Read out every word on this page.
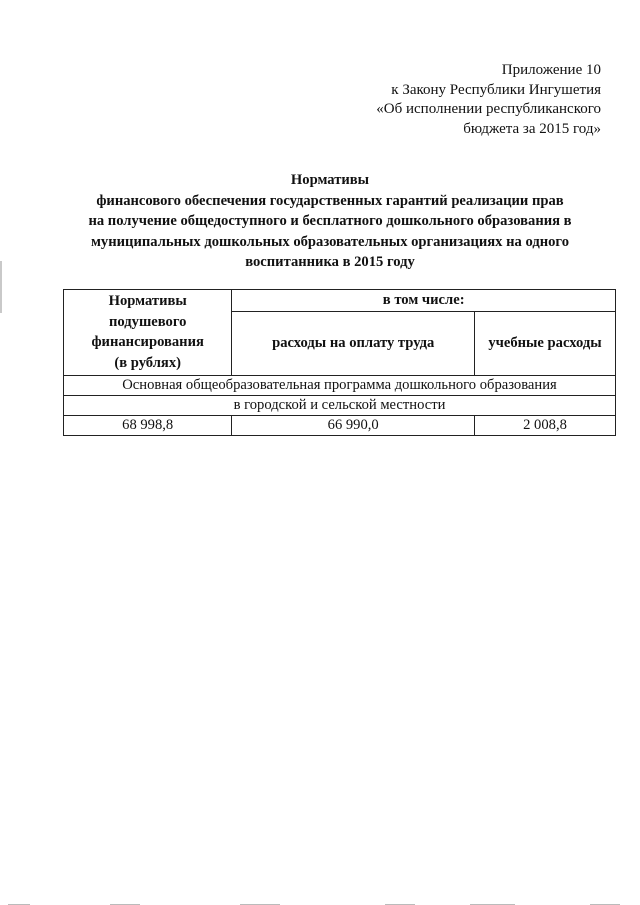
Приложение 10
к Закону Республики Ингушетия
«Об исполнении республиканского
бюджета за 2015 год»
Нормативы
финансового обеспечения государственных гарантий реализации прав
на получение общедоступного и бесплатного дошкольного образования в
муниципальных дошкольных образовательных организациях на одного
воспитанника в 2015 году
Нормативы
подушевого
финансирования
(в рублях)	в том числе:	
	расходы на оплату труда	учебные расходы
Основная общеобразовательная программа дошкольного образования		
в городской и сельской местности		
68 998,8	66 990,0	2 008,8
